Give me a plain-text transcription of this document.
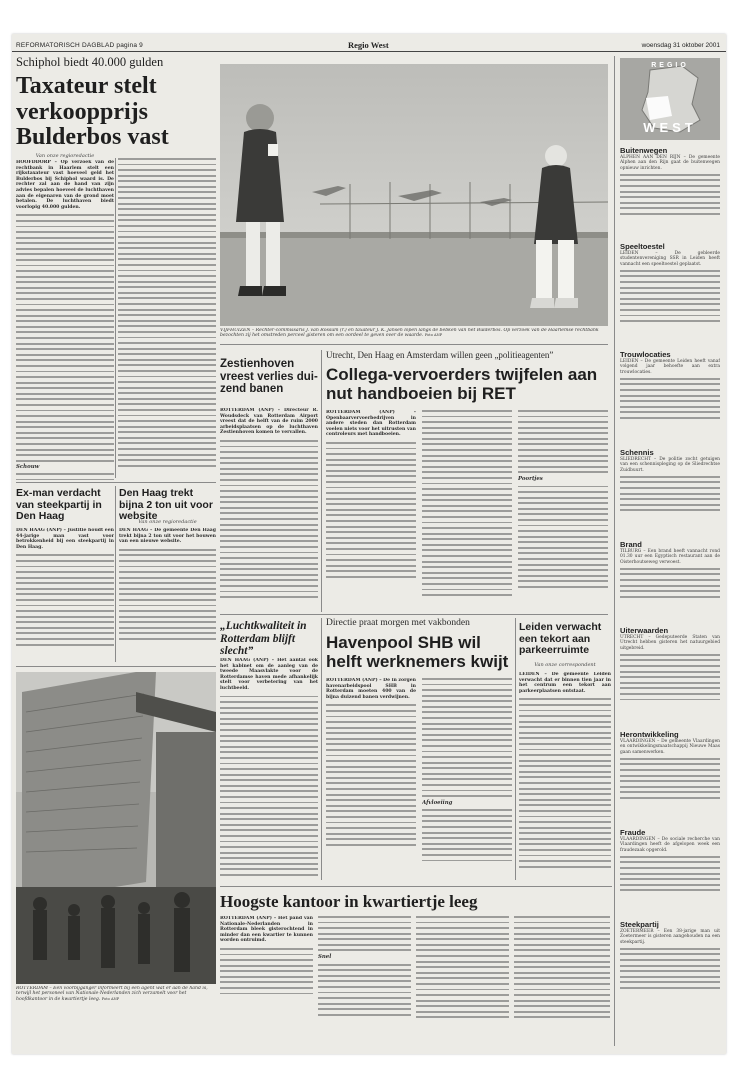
REFORMATORISCH DAGBLAD pagina 9	Regio West	woensdag 31 oktober 2001
Schiphol biedt 40.000 gulden
Taxateur stelt verkoopprijs Bulderbos vast
Van onze regioredactie
HOOFDDORP – Op verzoek van de rechtbank in Haarlem stelt een rijkstaxateur vast hoeveel geld het Bulderbos bij Schiphol waard is. De rechter zal aan de hand van zijn advies bepalen hoeveel de luchthaven aan de eigenaren van de grond moet betalen. De luchthaven biedt voorlopig 40.000 gulden.
Schouw
VIJFHUIZEN – Rechter-commissaris J. van Rossum (r.) en taxateur J. K. Jansen lopen langs de bebken van het Bulderbos. Op verzoek van de Haarlemse rechtbank bezochten zij het omstreden perceel gisteren om een oordeel te geven over de waarde. Foto ANP
Zestienhoven vreest verlies duizend banen
ROTTERDAM (ANP) – Directeur R. Woudsdeck van Rotterdam Airport vreest dat de helft van de ruim 2000 arbeidsplaatsen op de luchthaven Zestienhoven komen te vervallen.
Utrecht, Den Haag en Amsterdam willen geen „politieagenten”
Collega-vervoerders twijfelen aan nut handboeien bij RET
ROTTERDAM (ANP) – Openbaarvervoerbedrijven in andere steden dan Rotterdam voelen niets voor het uitrusten van controleurs met handboeien.
Poortjes
Ex-man verdacht van steekpartij in Den Haag
DEN HAAG (ANP) – Justitie houdt een 44-jarige man vast voor betrokkenheid bij een steekpartij in Den Haag.
Den Haag trekt bijna 2 ton uit voor website
Van onze regioredactie
DEN HAAG – De gemeente Den Haag trekt bijna 2 ton uit voor het bouwen van een nieuwe website.
„Luchtkwaliteit in Rotterdam blijft slecht”
DEN HAAG (ANP) – Het aantal ook het kabinet om de aanleg van de tweede Maasvlakte voor de Rotterdamse haven mede afhankelijk stelt voor verbetering van het luchtbeeld.
Directie praat morgen met vakbonden
Havenpool SHB wil helft werknemers kwijt
ROTTERDAM (ANP) – De in zorgen havenarbeidspool SHB in Rotterdam moeten 400 van de bijna duizend banen verdwijnen.
Afvloeiing
Leiden verwacht een tekort aan parkeerruimte
Van onze correspondent
LEIDEN – De gemeente Leiden verwacht dat er binnen tien jaar in het centrum een tekort aan parkeerplaatsen ontstaat.
ROTTERDAM – Een voorbijganger informeert bij een agent wat er aan de hand is, terwijl het personeel van Nationale-Nederlanden zich verzamelt voor het hoofdkantoor in de kwartiertje leeg. Foto ANP
Hoogste kantoor in kwartiertje leeg
ROTTERDAM (ANP) – Het pand van Nationale-Nederlanden in Rotterdam bleek gisterochtend in minder dan een kwartier te kunnen worden ontruimd.
Snel
REGIO
WEST
Buitenwegen
ALPHEN AAN DEN RIJN – De gemeente Alphen aan den Rijn gaat de buitenwegen opnieuw inrichten.
Speeltoestel
LEIDEN – De gebleerde studentenvereniging SSR in Leiden heeft vannacht een speeltoestel geplaatst.
Trouwlocaties
LEIDEN – De gemeente Leiden heeft vanaf volgend jaar behoefte aan extra trouwlocaties.
Schennis
SLIEDRECHT – De politie zocht getuigen van een schennispleging op de Sliedrechtse Zuidbuurt.
Brand
TILBURG – Een brand heeft vannacht rond 01.30 uur een Egyptisch restaurant aan de Oisterhoutseweg verwoest.
Uiterwaarden
UTRECHT – Gedeputeerde Staten van Utrecht hebben gisteren het natuurgebied uitgebreid.
Herontwikkeling
VLAARDINGEN – De gemeente Vlaardingen en ontwikkelingsmaatschappij Nieuwe Maas gaan samenwerken.
Fraude
VLAARDINGEN – De sociale recherche van Vlaardingen heeft de afgelopen week een fraudezaak opgerold.
Steekpartij
ZOETERMEER – Een 38-jarige man uit Zoetermeer is gisteren aangehouden na een steekpartij.
